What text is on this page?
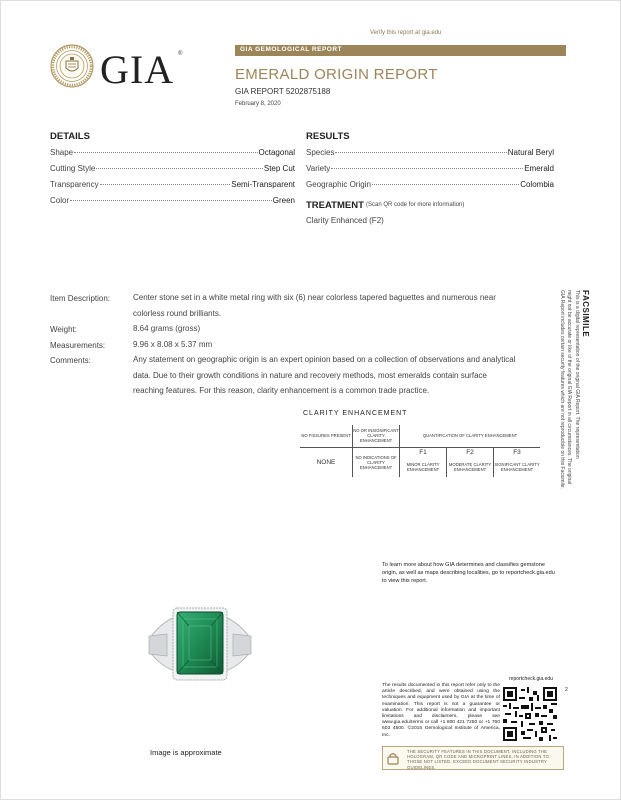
Verify this report at gia.edu
GIA ®
GIA GEMOLOGICAL REPORT
EMERALD ORIGIN REPORT
GIA REPORT 5202875188
February 8, 2020
DETAILS
Shape	Octagonal
Cutting Style	Step Cut
Transparency	Semi-Transparent
Color	Green
RESULTS
Species	Natural Beryl
Variety	Emerald
Geographic Origin	Colombia
TREATMENT (Scan QR code for more information)
Clarity Enhanced (F2)
Item Description:	Center stone set in a white metal ring with six (6) near colorless tapered baguettes and numerous near
colorless round brilliants.
Weight:	8.64 grams (gross)
Measurements:	9.96 x 8.08 x 5.37 mm
Comments:	Any statement on geographic origin is an expert opinion based on a collection of observations and analytical
data. Due to their growth conditions in nature and recovery methods, most emeralds contain surface
reaching features. For this reason, clarity enhancement is a common trade practice.
FACSIMILE
This is a digital representation of the original GIA Report. The representation
might not be accurate or like of the original GIA Report in all circumstances. The original
GIA Report includes certain security features which are not reproducible on this Facsimile.
CLARITY ENHANCEMENT
NO FISSURES PRESENT	NO OR INSIGNIFICANT CLARITY ENHANCEMENT	QUANTIFICATION OF CLARITY ENHANCEMENT		
NONE	NO INDICATIONS OF CLARITY ENHANCEMENT	F1	F2	F3
		MINOR CLARITY ENHANCEMENT	MODERATE CLARITY ENHANCEMENT	SIGNIFICANT CLARITY ENHANCEMENT
To learn more about how GIA determines and classifies gemstone origin, as well as maps describing localities, go to reportcheck.gia.edu to view this report.
Image is approximate
The results documented in this report refer only to the article described, and were obtained using the techniques and equipment used by GIA at the time of examination. This report is not a guarantee or valuation. For additional information and important limitations and disclaimers, please see www.gia.edu/terms or call +1 800 421 7250 or +1 760 603 4500. ©2015 Gemological Institute of America, Inc.
reportcheck.gia.edu
2
THE SECURITY FEATURES IN THIS DOCUMENT, INCLUDING THE HOLOGRAM, QR CODE AND MICROPRINT LINES, IN ADDITION TO THOSE NOT LISTED, EXCEED DOCUMENT SECURITY INDUSTRY GUIDELINES.
